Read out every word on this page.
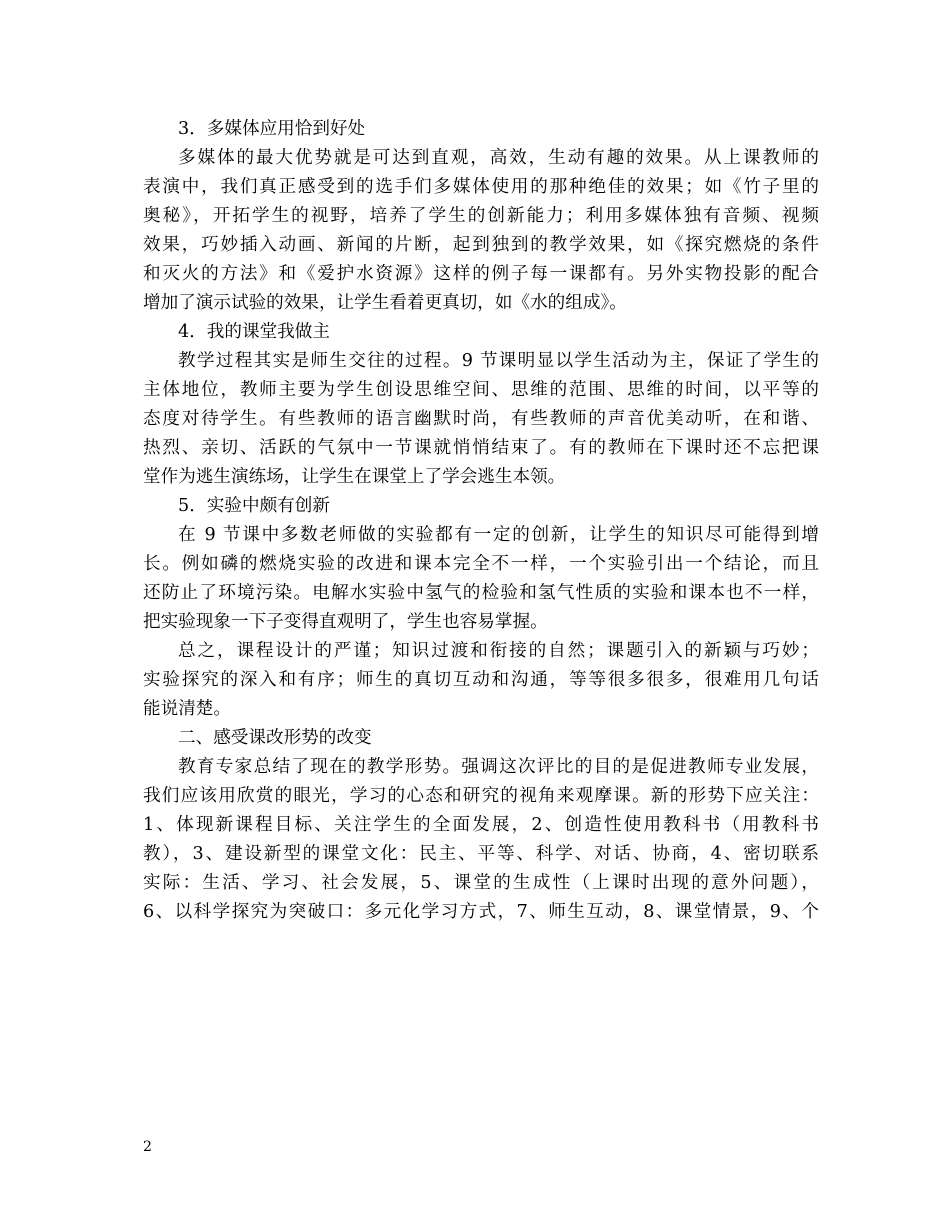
3．多媒体应用恰到好处
多媒体的最大优势就是可达到直观，高效，生动有趣的效果。从上课教师的
表演中，我们真正感受到的选手们多媒体使用的那种绝佳的效果；如《竹子里的
奥秘》，开拓学生的视野，培养了学生的创新能力；利用多媒体独有音频、视频
效果，巧妙插入动画、新闻的片断，起到独到的教学效果，如《探究燃烧的条件
和灭火的方法》和《爱护水资源》这样的例子每一课都有。另外实物投影的配合
增加了演示试验的效果，让学生看着更真切，如《水的组成》。
4．我的课堂我做主
教学过程其实是师生交往的过程。9 节课明显以学生活动为主，保证了学生的
主体地位，教师主要为学生创设思维空间、思维的范围、思维的时间，以平等的
态度对待学生。有些教师的语言幽默时尚，有些教师的声音优美动听，在和谐、
热烈、亲切、活跃的气氛中一节课就悄悄结束了。有的教师在下课时还不忘把课
堂作为逃生演练场，让学生在课堂上了学会逃生本领。
5．实验中颇有创新
在 9 节课中多数老师做的实验都有一定的创新，让学生的知识尽可能得到增
长。例如磷的燃烧实验的改进和课本完全不一样，一个实验引出一个结论，而且
还防止了环境污染。电解水实验中氢气的检验和氢气性质的实验和课本也不一样，
把实验现象一下子变得直观明了，学生也容易掌握。
总之，课程设计的严谨；知识过渡和衔接的自然；课题引入的新颖与巧妙；
实验探究的深入和有序；师生的真切互动和沟通，等等很多很多，很难用几句话
能说清楚。
二、感受课改形势的改变
教育专家总结了现在的教学形势。强调这次评比的目的是促进教师专业发展，
我们应该用欣赏的眼光，学习的心态和研究的视角来观摩课。新的形势下应关注：
1、体现新课程目标、关注学生的全面发展，2、创造性使用教科书（用教科书
教），3、建设新型的课堂文化：民主、平等、科学、对话、协商，4、密切联系
实际：生活、学习、社会发展，5、课堂的生成性（上课时出现的意外问题），
6、以科学探究为突破口：多元化学习方式，7、师生互动，8、课堂情景，9、个
2
